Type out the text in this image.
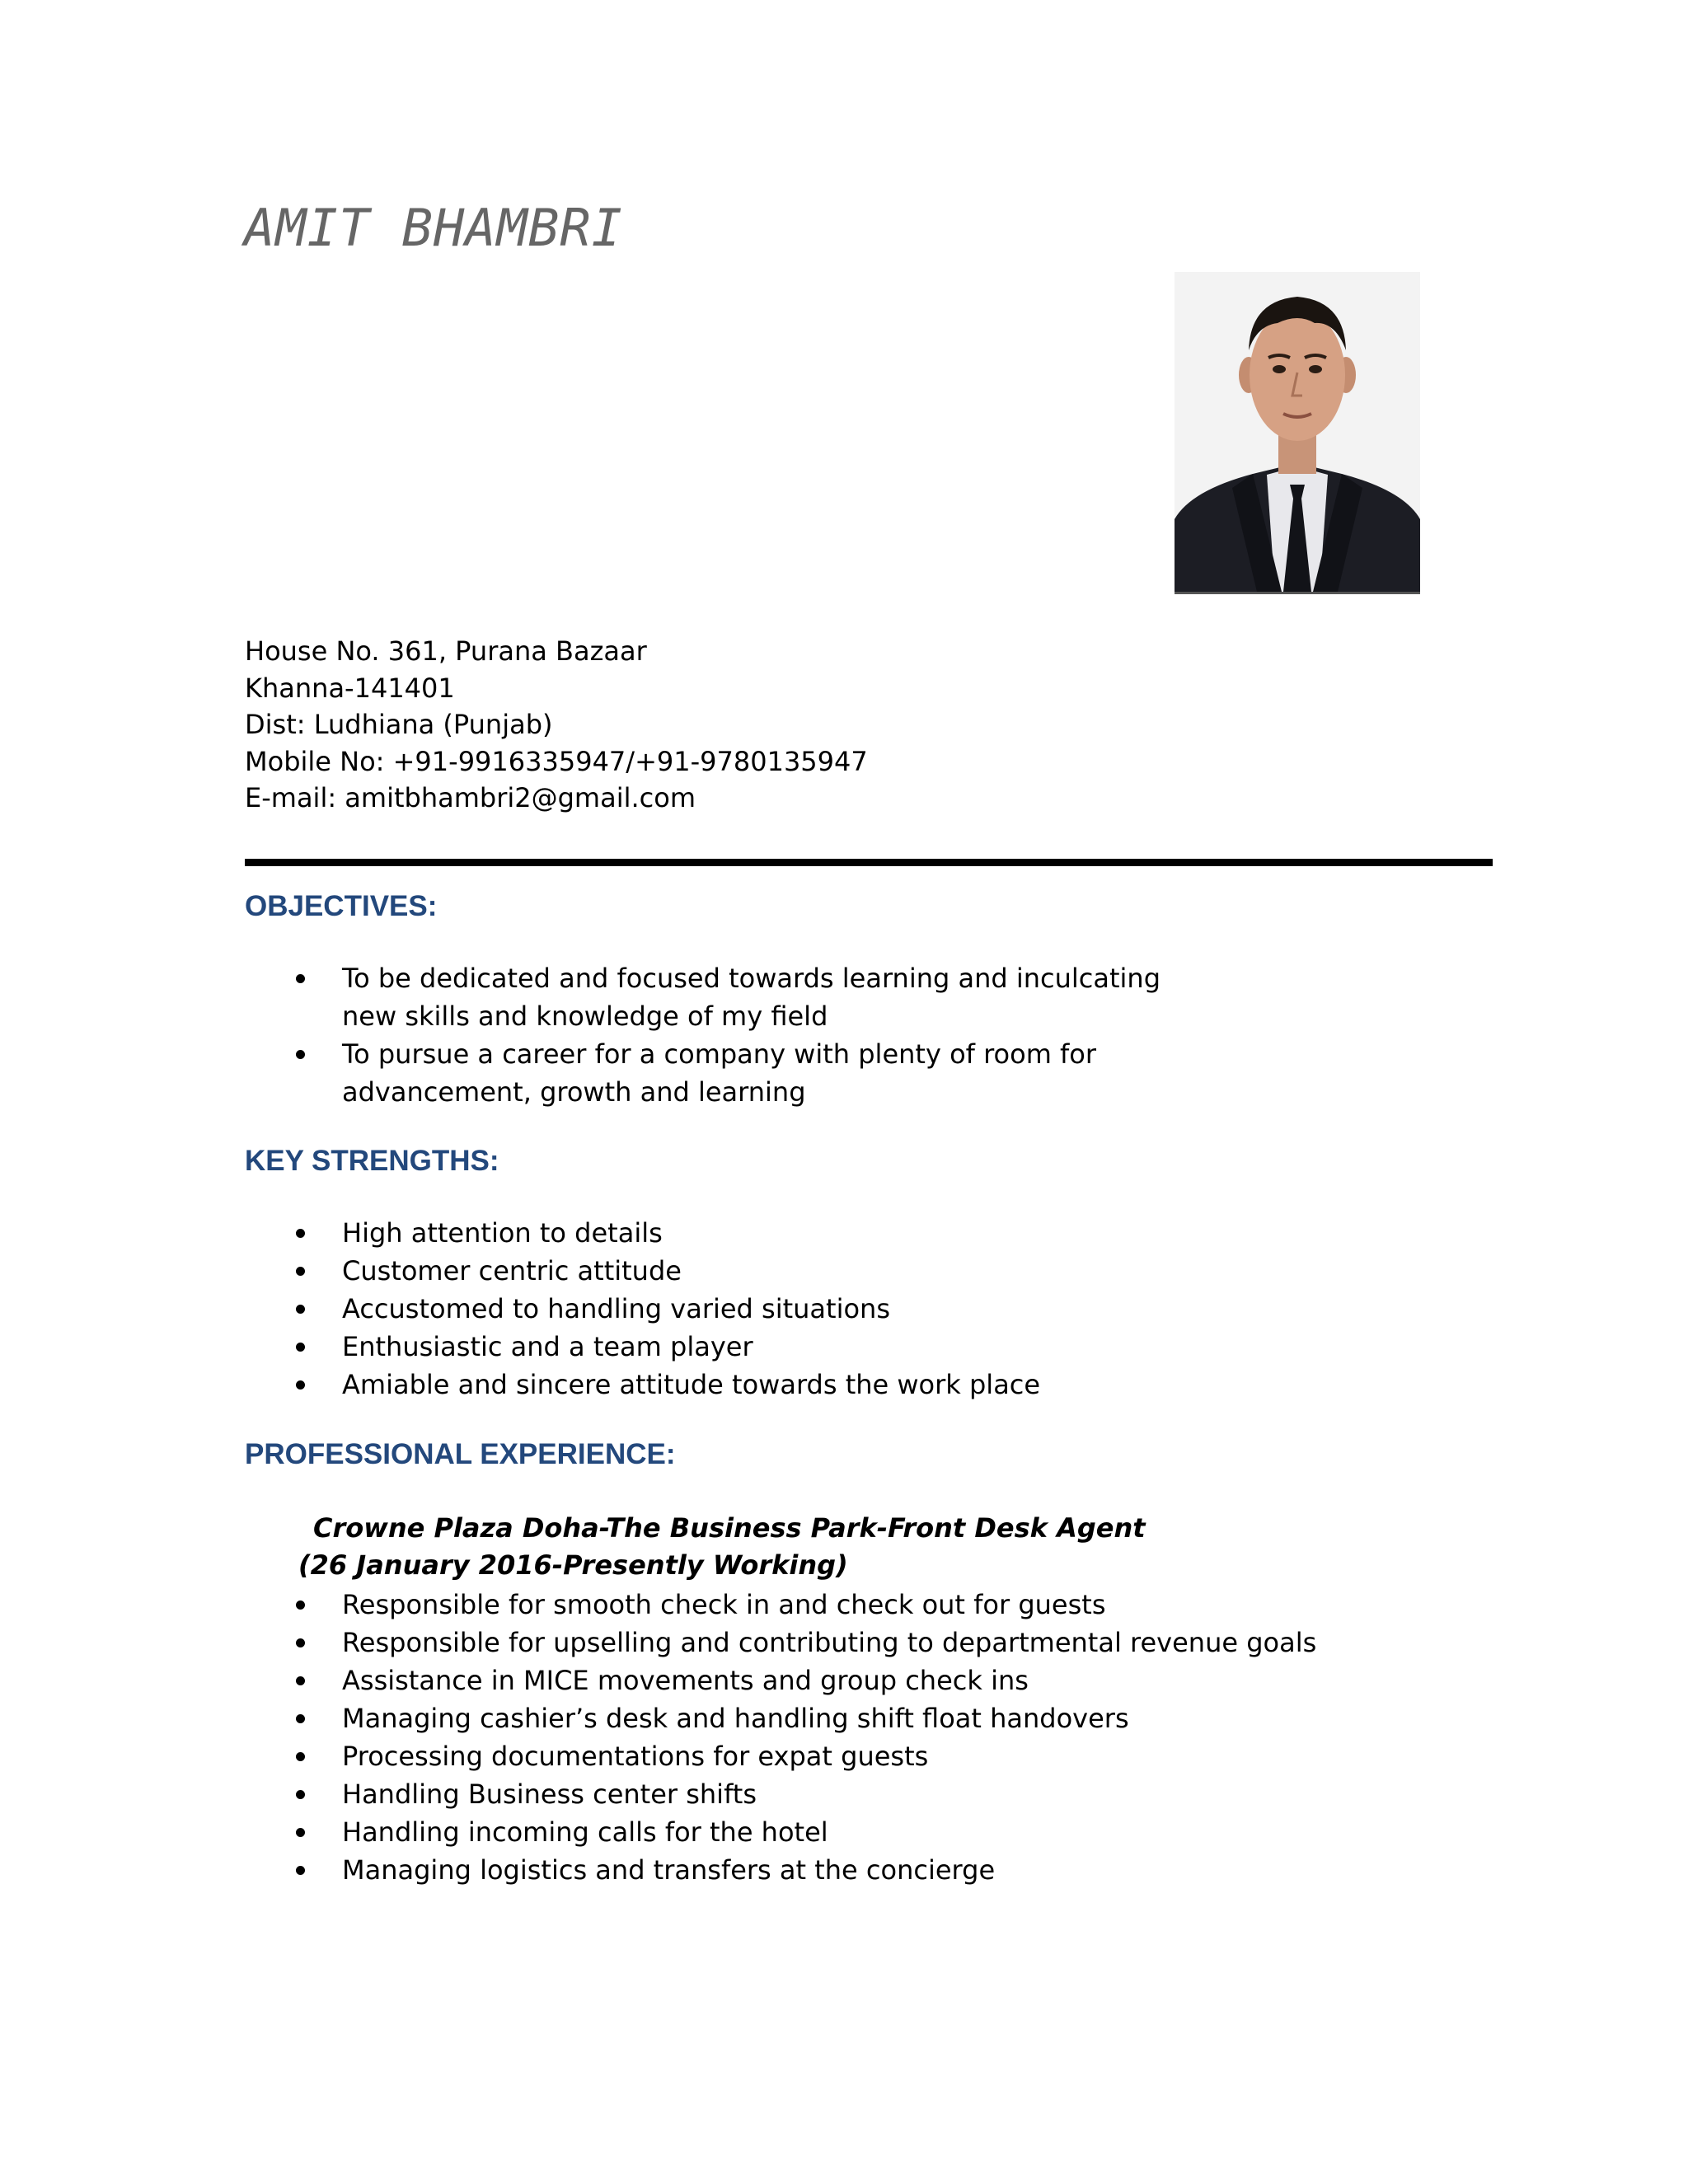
AMIT BHAMBRI
House No. 361, Purana Bazaar
Khanna-141401
Dist: Ludhiana (Punjab)
Mobile No: +91-9916335947/+91-9780135947
E-mail: amitbhambri2@gmail.com
OBJECTIVES:
To be dedicated and focused towards learning and inculcating
new skills and knowledge of my field
To pursue a career for a company with plenty of room for
advancement, growth and learning
KEY STRENGTHS:
High attention to details
Customer centric attitude
Accustomed to handling varied situations
Enthusiastic and a team player
Amiable and sincere attitude towards the work place
PROFESSIONAL EXPERIENCE:
Crowne Plaza Doha-The Business Park-Front Desk Agent
(26 January 2016-Presently Working)
Responsible for smooth check in and check out for guests
Responsible for upselling and contributing to departmental revenue goals
Assistance in MICE movements and group check ins
Managing cashier’s desk and handling shift float handovers
Processing documentations for expat guests
Handling Business center shifts
Handling incoming calls for the hotel
Managing logistics and transfers at the concierge
